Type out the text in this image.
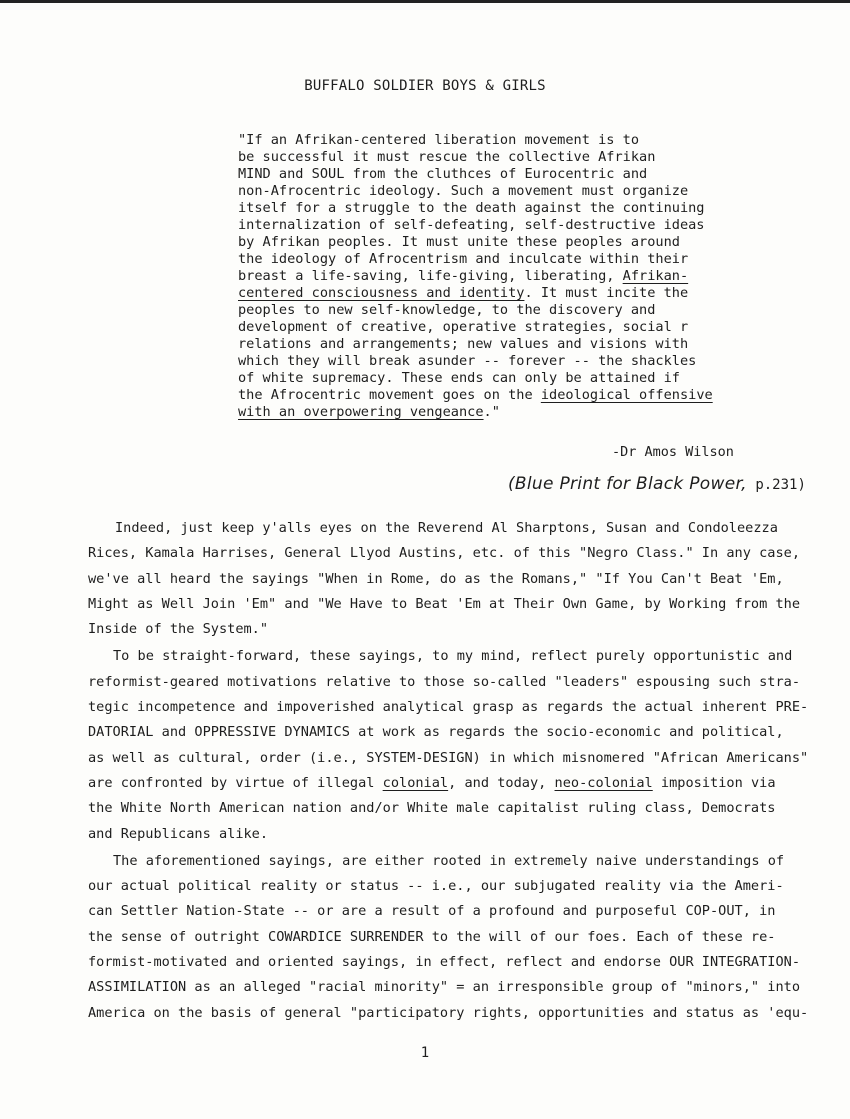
BUFFALO SOLDIER BOYS & GIRLS
"If an Afrikan-centered liberation movement is to
be successful it must rescue the collective Afrikan
MIND and SOUL from the cluthces of Eurocentric and
non-Afrocentric ideology. Such a movement must organize
itself for a struggle to the death against the continuing
internalization of self-defeating, self-destructive ideas
by Afrikan peoples. It must unite these peoples around
the ideology of Afrocentrism and inculcate within their
breast a life-saving, life-giving, liberating, Afrikan-
centered consciousness and identity. It must incite the
peoples to new self-knowledge, to the discovery and
development of creative, operative strategies, social r
relations and arrangements; new values and visions with
which they will break asunder -- forever -- the shackles
of white supremacy. These ends can only be attained if
the Afrocentric movement goes on the ideological offensive
with an overpowering vengeance."
-Dr Amos Wilson
(Blue Print for Black Power, p.231)

Indeed, just keep y'alls eyes on the Reverend Al Sharptons, Susan and Condoleezza
Rices, Kamala Harrises, General Llyod Austins, etc. of this "Negro Class." In any case,
we've all heard the sayings "When in Rome, do as the Romans," "If You Can't Beat 'Em,
Might as Well Join 'Em" and "We Have to Beat 'Em at Their Own Game, by Working from the
Inside of the System."

To be straight-forward, these sayings, to my mind, reflect purely opportunistic and
reformist-geared motivations relative to those so-called "leaders" espousing such stra-
tegic incompetence and impoverished analytical grasp as regards the actual inherent PRE-
DATORIAL and OPPRESSIVE DYNAMICS at work as regards the socio-economic and political,
as well as cultural, order (i.e., SYSTEM-DESIGN) in which misnomered "African Americans"
are confronted by virtue of illegal colonial, and today, neo-colonial imposition via
the White North American nation and/or White male capitalist ruling class, Democrats
and Republicans alike.

The aforementioned sayings, are either rooted in extremely naive understandings of
our actual political reality or status -- i.e., our subjugated reality via the Ameri-
can Settler Nation-State -- or are a result of a profound and purposeful COP-OUT, in
the sense of outright COWARDICE SURRENDER to the will of our foes. Each of these re-
formist-motivated and oriented sayings, in effect, reflect and endorse OUR INTEGRATION-
ASSIMILATION as an alleged "racial minority" = an irresponsible group of "minors," into
America on the basis of general "participatory rights, opportunities and status as 'equ-

1
